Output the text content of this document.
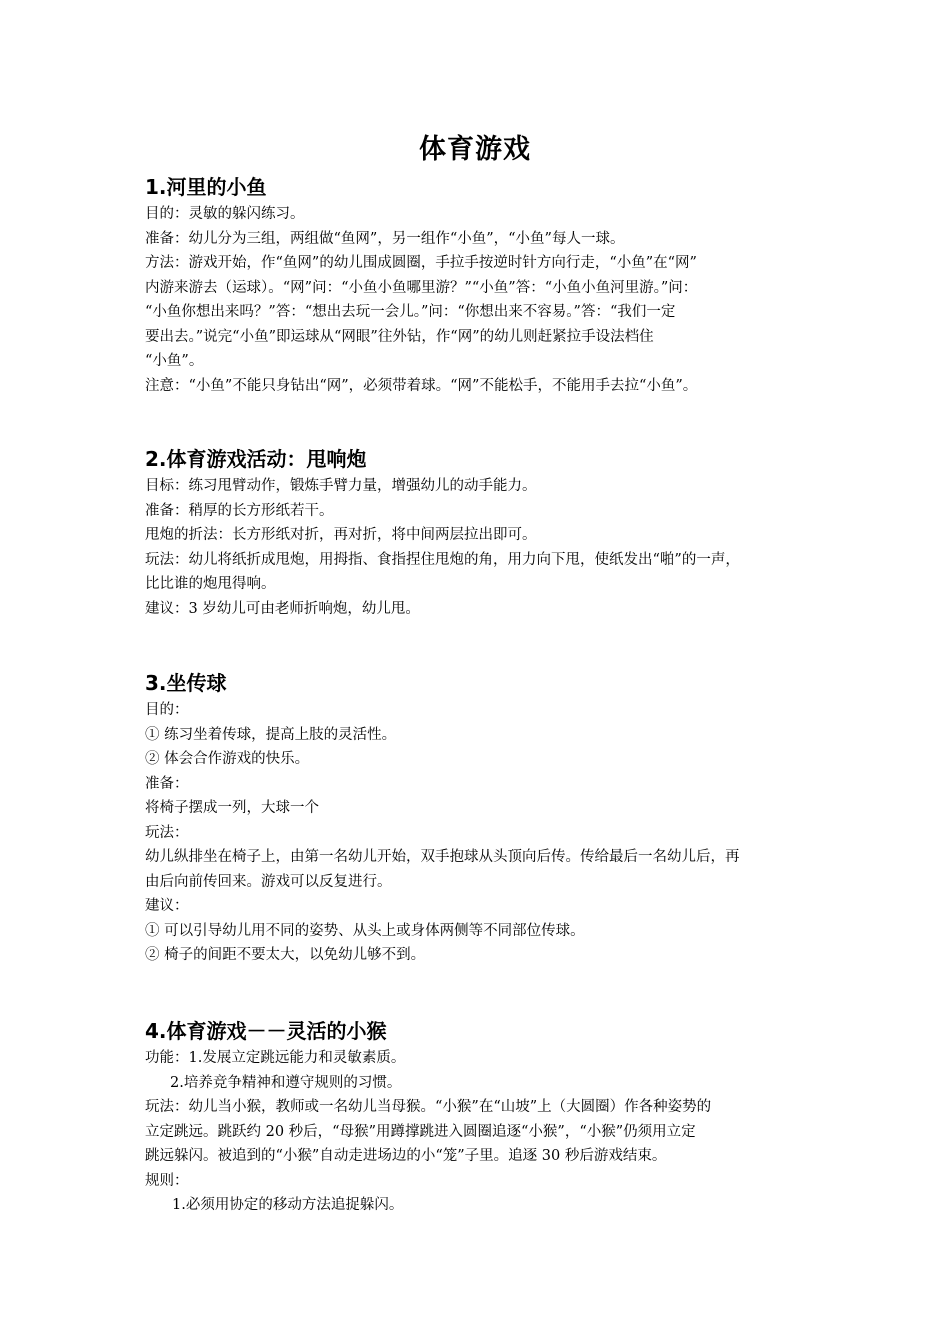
体育游戏
1.河里的小鱼
目的：灵敏的躲闪练习。
准备：幼儿分为三组，两组做“鱼网”，另一组作“小鱼”，“小鱼”每人一球。
方法：游戏开始，作“鱼网”的幼儿围成圆圈，手拉手按逆时针方向行走，“小鱼”在“网”
内游来游去（运球）。“网”问：“小鱼小鱼哪里游？”“小鱼”答：“小鱼小鱼河里游。”问：
“小鱼你想出来吗？”答：“想出去玩一会儿。”问：“你想出来不容易。”答：“我们一定
要出去。”说完“小鱼”即运球从“网眼”往外钻，作“网”的幼儿则赶紧拉手设法档住
“小鱼”。
注意：“小鱼”不能只身钻出“网”，必须带着球。“网”不能松手，不能用手去拉“小鱼”。
2.体育游戏活动：甩响炮
目标：练习甩臂动作，锻炼手臂力量，增强幼儿的动手能力。
准备：稍厚的长方形纸若干。
甩炮的折法：长方形纸对折，再对折，将中间两层拉出即可。
玩法：幼儿将纸折成甩炮，用拇指、食指捏住甩炮的角，用力向下甩，使纸发出“啪”的一声，
比比谁的炮甩得响。
建议：3 岁幼儿可由老师折响炮，幼儿甩。
3.坐传球
目的：
① 练习坐着传球，提高上肢的灵活性。
② 体会合作游戏的快乐。
准备：
将椅子摆成一列，大球一个
玩法：
幼儿纵排坐在椅子上，由第一名幼儿开始，双手抱球从头顶向后传。传给最后一名幼儿后，再
由后向前传回来。游戏可以反复进行。
建议：
① 可以引导幼儿用不同的姿势、从头上或身体两侧等不同部位传球。
② 椅子的间距不要太大，以免幼儿够不到。
4.体育游戏－－灵活的小猴
功能：1.发展立定跳远能力和灵敏素质。
2.培养竞争精神和遵守规则的习惯。
玩法：幼儿当小猴，教师或一名幼儿当母猴。“小猴”在“山坡”上（大圆圈）作各种姿势的
立定跳远。跳跃约 20 秒后，“母猴”用蹲撑跳进入圆圈追逐“小猴”，“小猴”仍须用立定
跳远躲闪。被追到的“小猴”自动走进场边的小“笼”子里。追逐 30 秒后游戏结束。
规则：
1.必须用协定的移动方法追捉躲闪。
